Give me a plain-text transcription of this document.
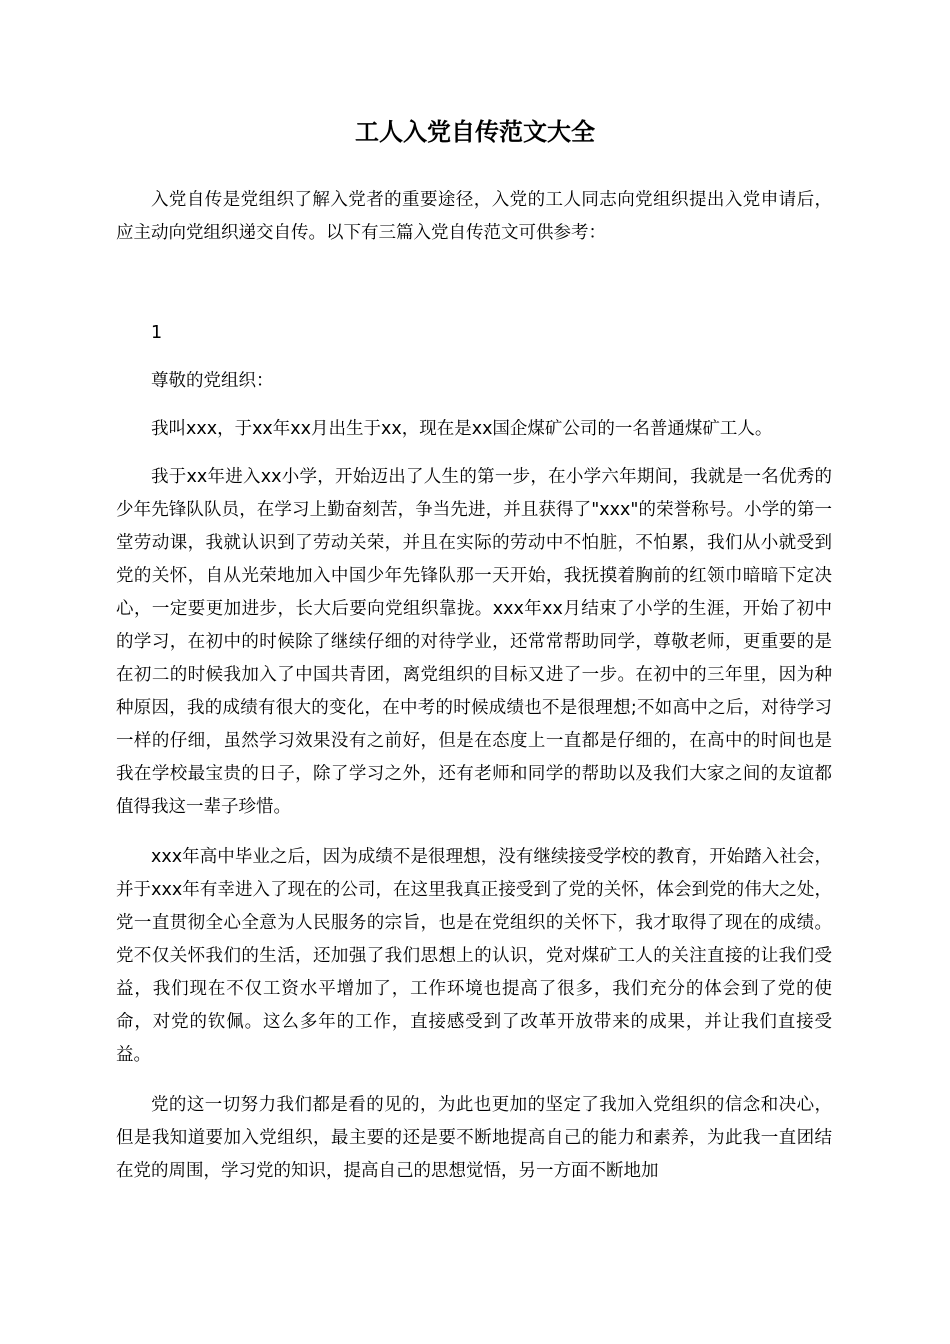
工人入党自传范文大全

入党自传是党组织了解入党者的重要途径，入党的工人同志向党组织提出入党申请后，应主动向党组织递交自传。以下有三篇入党自传范文可供参考：

1

尊敬的党组织：

我叫xxx，于xx年xx月出生于xx，现在是xx国企煤矿公司的一名普通煤矿工人。

我于xx年进入xx小学，开始迈出了人生的第一步，在小学六年期间，我就是一名优秀的少年先锋队队员，在学习上勤奋刻苦，争当先进，并且获得了"xxx"的荣誉称号。小学的第一堂劳动课，我就认识到了劳动关荣，并且在实际的劳动中不怕脏，不怕累，我们从小就受到党的关怀，自从光荣地加入中国少年先锋队那一天开始，我抚摸着胸前的红领巾暗暗下定决心，一定要更加进步，长大后要向党组织靠拢。xxx年xx月结束了小学的生涯，开始了初中的学习，在初中的时候除了继续仔细的对待学业，还常常帮助同学，尊敬老师，更重要的是在初二的时候我加入了中国共青团，离党组织的目标又进了一步。在初中的三年里，因为种种原因，我的成绩有很大的变化，在中考的时候成绩也不是很理想;不如高中之后，对待学习一样的仔细，虽然学习效果没有之前好，但是在态度上一直都是仔细的，在高中的时间也是我在学校最宝贵的日子，除了学习之外，还有老师和同学的帮助以及我们大家之间的友谊都值得我这一辈子珍惜。

xxx年高中毕业之后，因为成绩不是很理想，没有继续接受学校的教育，开始踏入社会，并于xxx年有幸进入了现在的公司，在这里我真正接受到了党的关怀，体会到党的伟大之处，党一直贯彻全心全意为人民服务的宗旨，也是在党组织的关怀下，我才取得了现在的成绩。党不仅关怀我们的生活，还加强了我们思想上的认识，党对煤矿工人的关注直接的让我们受益，我们现在不仅工资水平增加了，工作环境也提高了很多，我们充分的体会到了党的使命，对党的钦佩。这么多年的工作，直接感受到了改革开放带来的成果，并让我们直接受益。

党的这一切努力我们都是看的见的，为此也更加的坚定了我加入党组织的信念和决心，但是我知道要加入党组织，最主要的还是要不断地提高自己的能力和素养，为此我一直团结在党的周围，学习党的知识，提高自己的思想觉悟，另一方面不断地加
